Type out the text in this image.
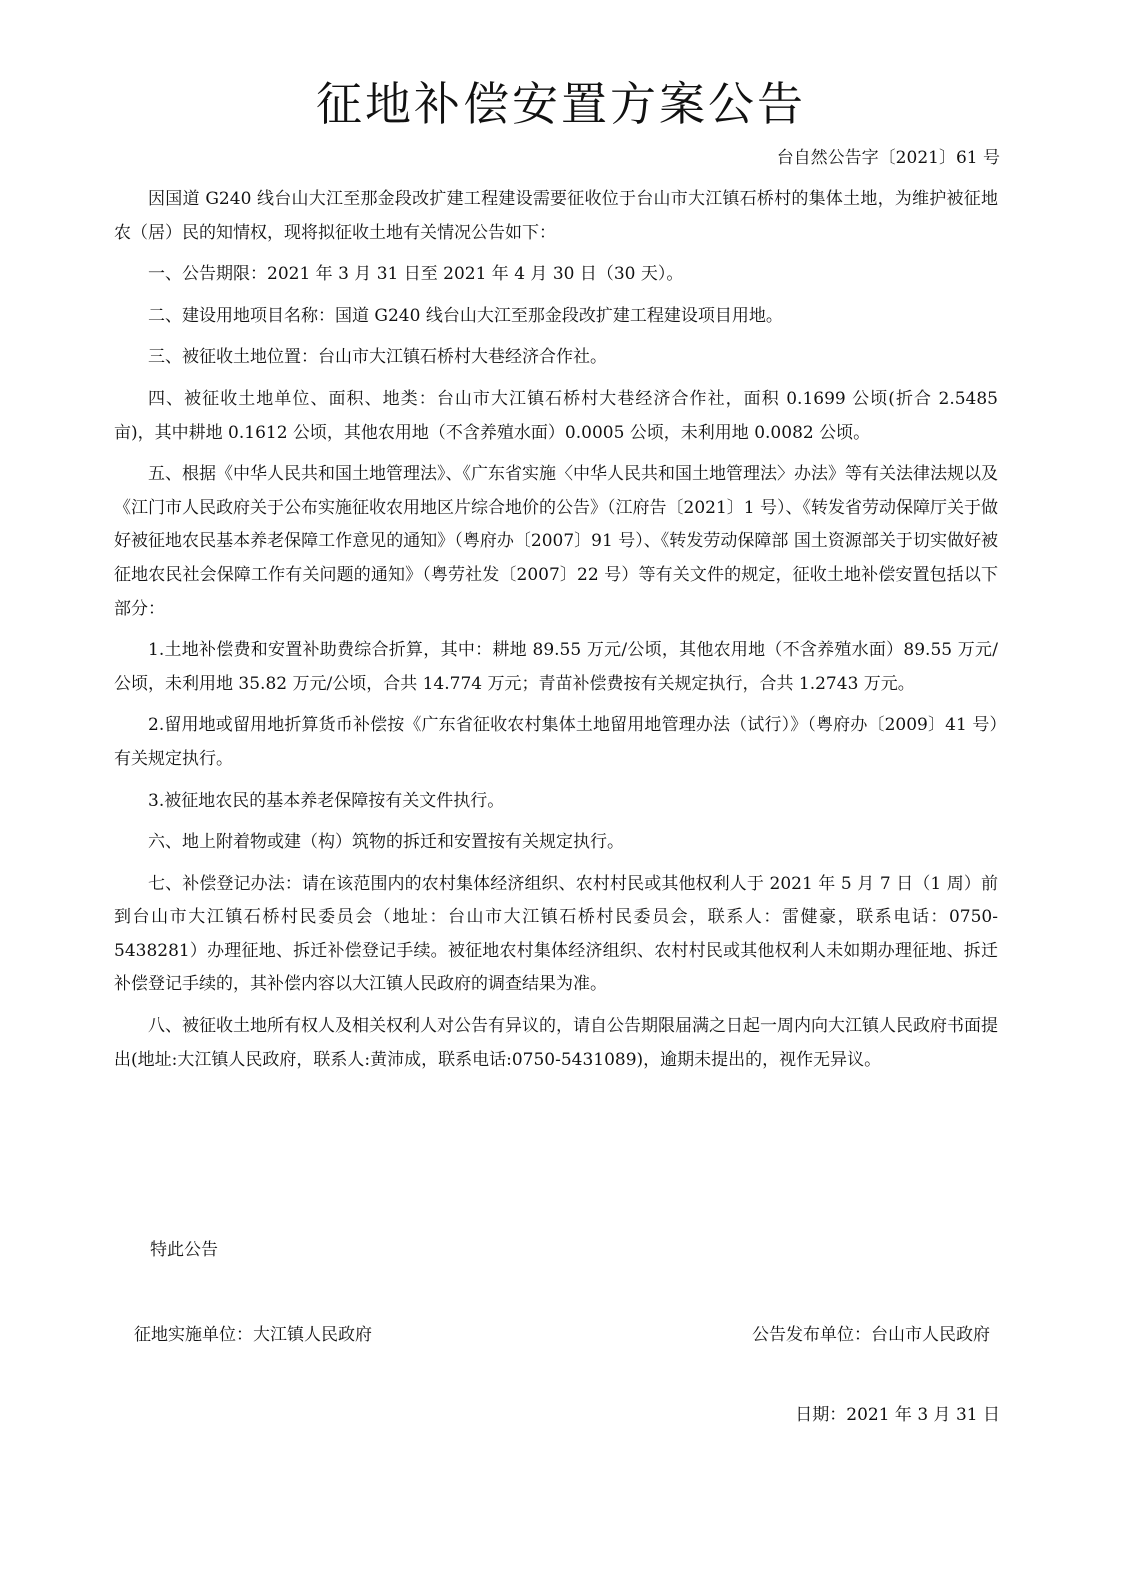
征地补偿安置方案公告
台自然公告字〔2021〕61 号

因国道 G240 线台山大江至那金段改扩建工程建设需要征收位于台山市大江镇石桥村的集体土地，为维护被征地农（居）民的知情权，现将拟征收土地有关情况公告如下：

一、公告期限：2021 年 3 月 31 日至 2021 年 4 月 30 日（30 天）。

二、建设用地项目名称：国道 G240 线台山大江至那金段改扩建工程建设项目用地。

三、被征收土地位置：台山市大江镇石桥村大巷经济合作社。

四、被征收土地单位、面积、地类：台山市大江镇石桥村大巷经济合作社，面积 0.1699 公顷(折合 2.5485 亩)，其中耕地 0.1612 公顷，其他农用地（不含养殖水面）0.0005 公顷，未利用地 0.0082 公顷。

五、根据《中华人民共和国土地管理法》、《广东省实施〈中华人民共和国土地管理法〉办法》等有关法律法规以及《江门市人民政府关于公布实施征收农用地区片综合地价的公告》（江府告〔2021〕1 号）、《转发省劳动保障厅关于做好被征地农民基本养老保障工作意见的通知》（粤府办〔2007〕91 号）、《转发劳动保障部 国土资源部关于切实做好被征地农民社会保障工作有关问题的通知》（粤劳社发〔2007〕22 号）等有关文件的规定，征收土地补偿安置包括以下部分：

1.土地补偿费和安置补助费综合折算，其中：耕地 89.55 万元/公顷，其他农用地（不含养殖水面）89.55 万元/公顷，未利用地 35.82 万元/公顷，合共 14.774 万元；青苗补偿费按有关规定执行，合共 1.2743 万元。

2.留用地或留用地折算货币补偿按《广东省征收农村集体土地留用地管理办法（试行）》（粤府办〔2009〕41 号）有关规定执行。

3.被征地农民的基本养老保障按有关文件执行。

六、地上附着物或建（构）筑物的拆迁和安置按有关规定执行。

七、补偿登记办法：请在该范围内的农村集体经济组织、农村村民或其他权利人于 2021 年 5 月 7 日（1 周）前到台山市大江镇石桥村民委员会（地址：台山市大江镇石桥村民委员会，联系人：雷健豪，联系电话：0750-5438281）办理征地、拆迁补偿登记手续。被征地农村集体经济组织、农村村民或其他权利人未如期办理征地、拆迁补偿登记手续的，其补偿内容以大江镇人民政府的调查结果为准。

八、被征收土地所有权人及相关权利人对公告有异议的，请自公告期限届满之日起一周内向大江镇人民政府书面提出(地址:大江镇人民政府，联系人:黄沛成，联系电话:0750-5431089)，逾期未提出的，视作无异议。

特此公告
征地实施单位：大江镇人民政府	公告发布单位：台山市人民政府
日期：2021 年 3 月 31 日
